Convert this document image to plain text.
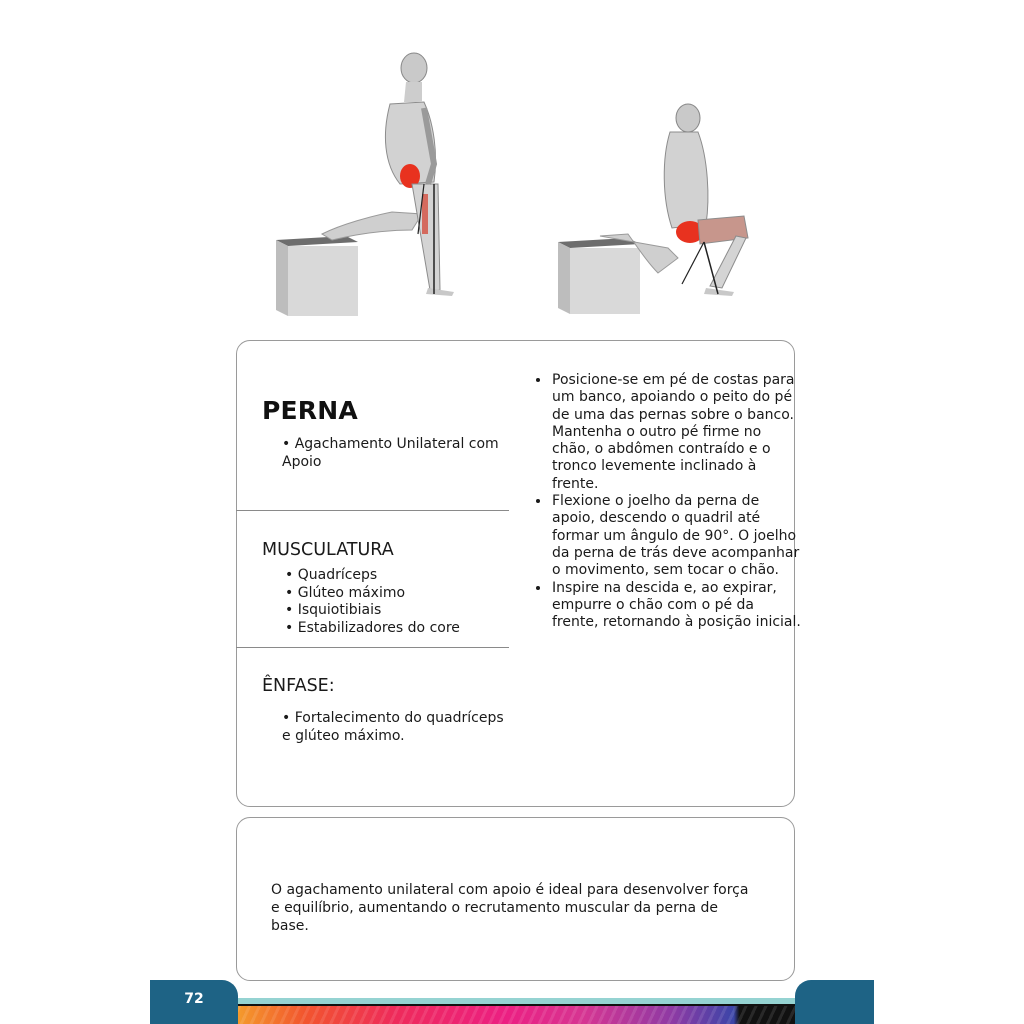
PERNA
• Agachamento Unilateral com Apoio
MUSCULATURA
• Quadríceps
• Glúteo máximo
• Isquiotibiais
• Estabilizadores do core
ÊNFASE:
• Fortalecimento do quadríceps e glúteo máximo.
• Posicione-se em pé de costas para um banco, apoiando o peito do pé de uma das pernas sobre o banco. Mantenha o outro pé firme no chão, o abdômen contraído e o tronco levemente inclinado à frente.
• Flexione o joelho da perna de apoio, descendo o quadril até formar um ângulo de 90°. O joelho da perna de trás deve acompanhar o movimento, sem tocar o chão.
• Inspire na descida e, ao expirar, empurre o chão com o pé da frente, retornando à posição inicial.
O agachamento unilateral com apoio é ideal para desenvolver força e equilíbrio, aumentando o recrutamento muscular da perna de base.
72
